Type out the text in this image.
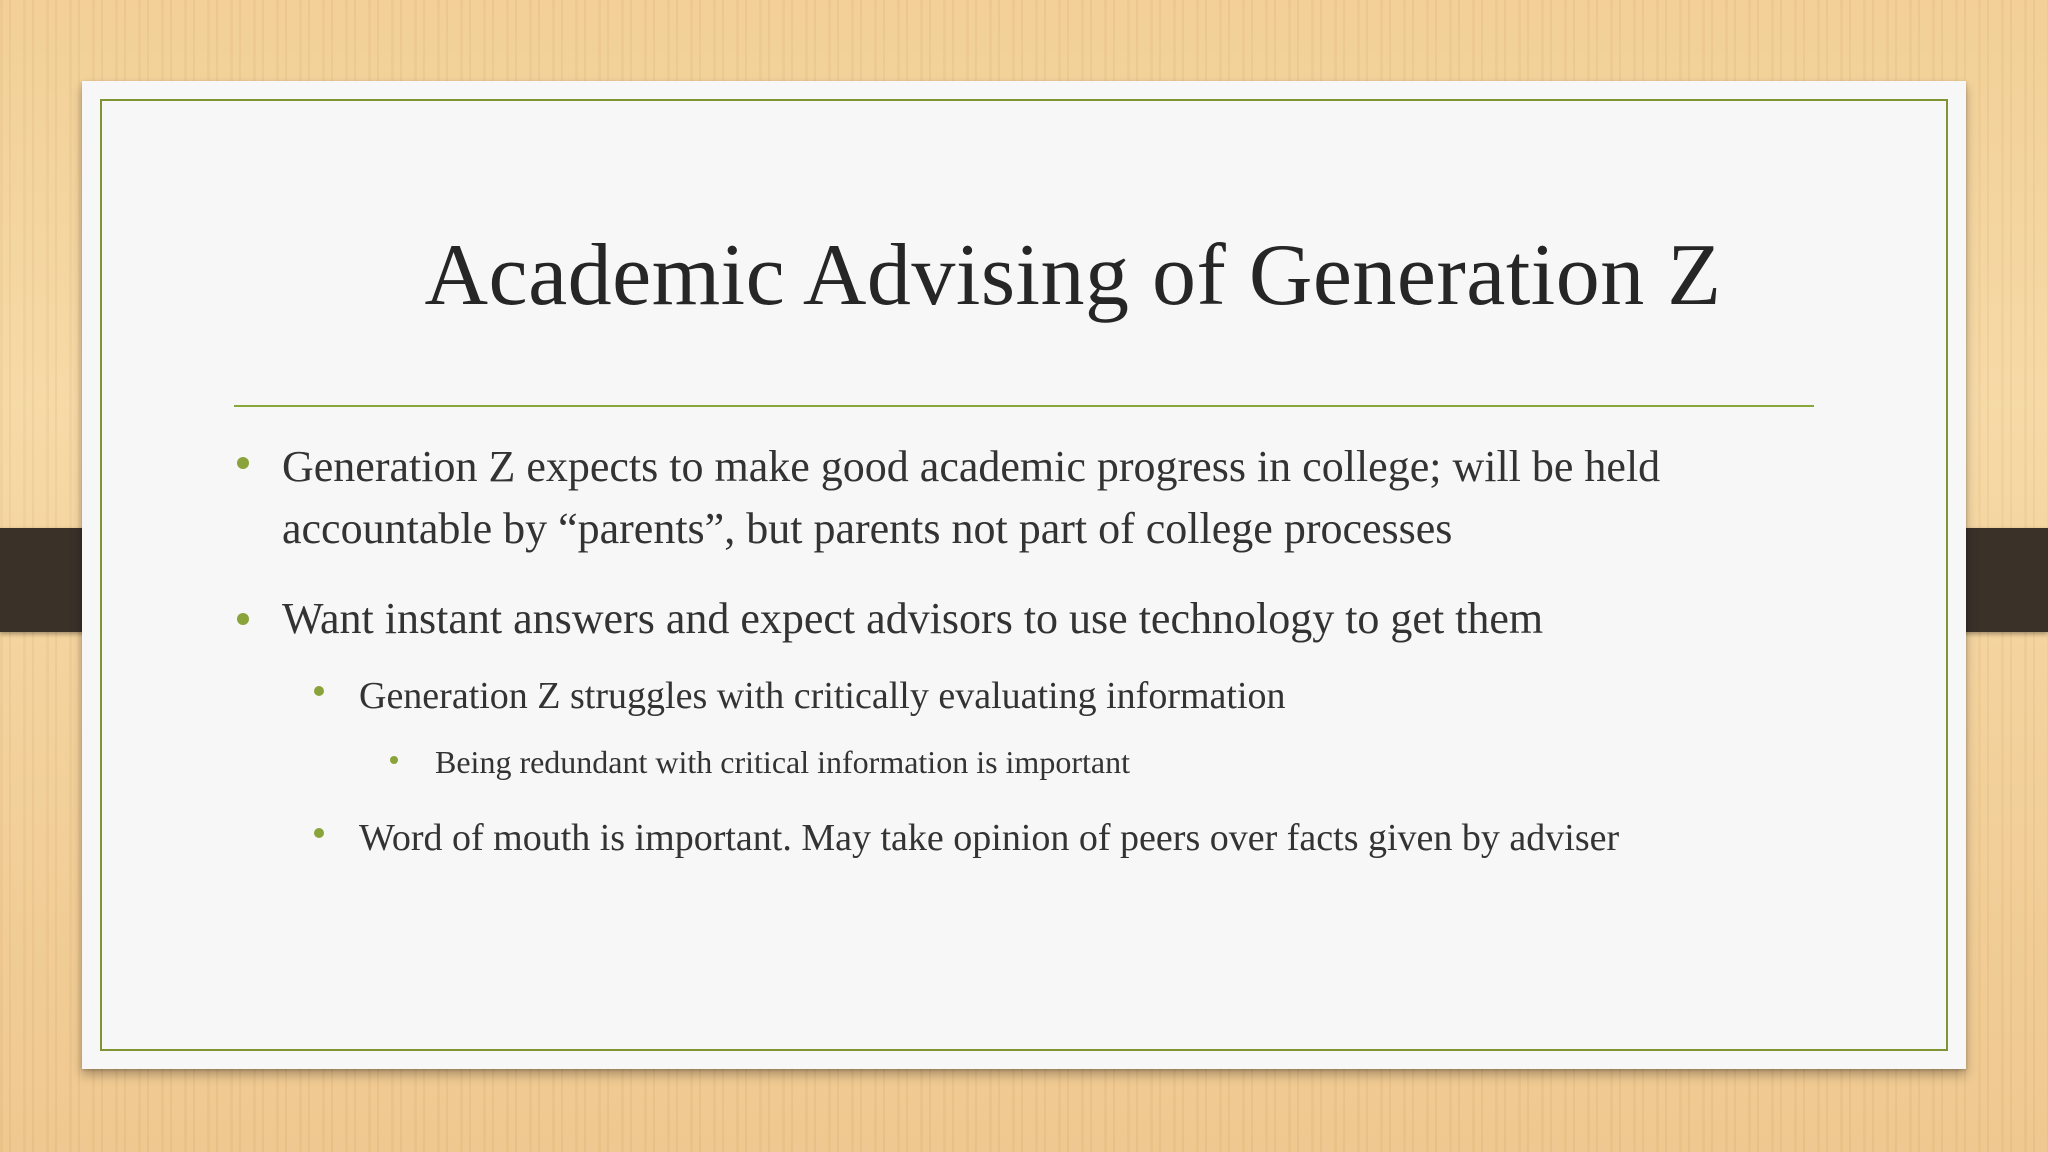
Academic Advising of Generation Z
Generation Z expects to make good academic progress in college; will be held accountable by “parents”, but parents not part of college processes
Want instant answers and expect advisors to use technology to get them
Generation Z struggles with critically evaluating information
Being redundant with critical information is important
Word of mouth is important. May take opinion of peers over facts given by adviser
